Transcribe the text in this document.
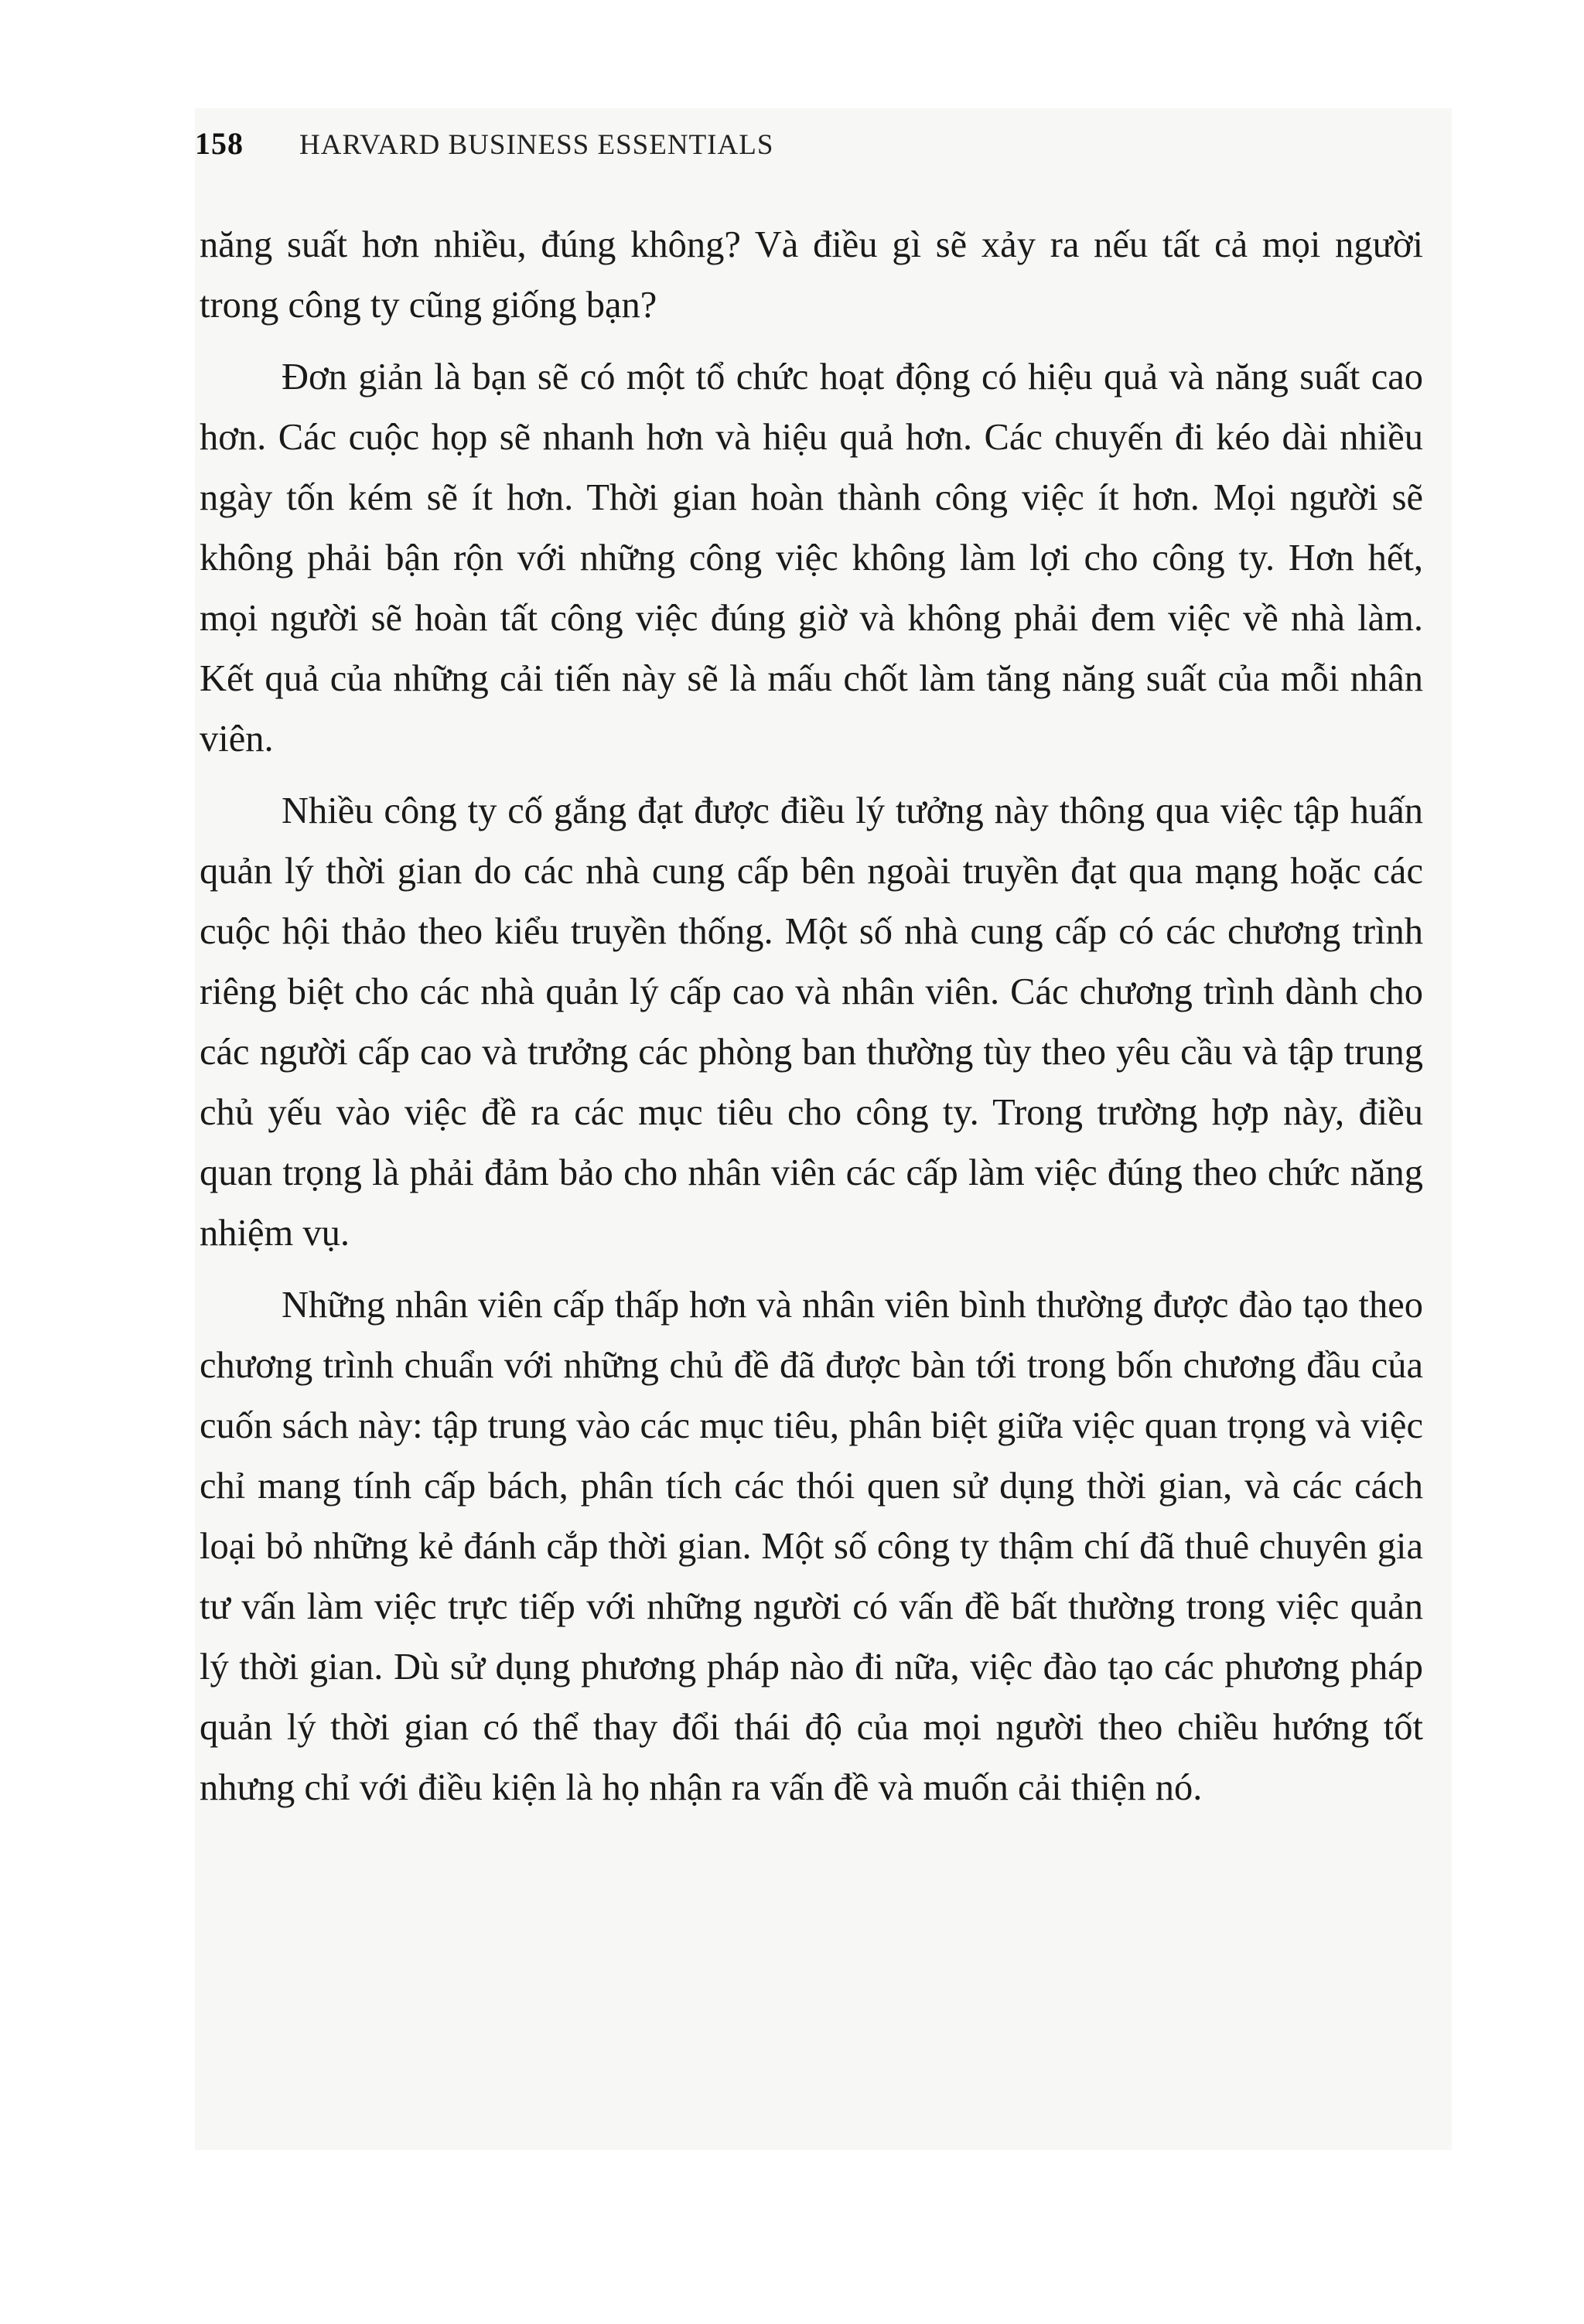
158 HARVARD BUSINESS ESSENTIALS

năng suất hơn nhiều, đúng không? Và điều gì sẽ xảy ra nếu tất cả mọi người trong công ty cũng giống bạn?

Đơn giản là bạn sẽ có một tổ chức hoạt động có hiệu quả và năng suất cao hơn. Các cuộc họp sẽ nhanh hơn và hiệu quả hơn. Các chuyến đi kéo dài nhiều ngày tốn kém sẽ ít hơn. Thời gian hoàn thành công việc ít hơn. Mọi người sẽ không phải bận rộn với những công việc không làm lợi cho công ty. Hơn hết, mọi người sẽ hoàn tất công việc đúng giờ và không phải đem việc về nhà làm. Kết quả của những cải tiến này sẽ là mấu chốt làm tăng năng suất của mỗi nhân viên.

Nhiều công ty cố gắng đạt được điều lý tưởng này thông qua việc tập huấn quản lý thời gian do các nhà cung cấp bên ngoài truyền đạt qua mạng hoặc các cuộc hội thảo theo kiểu truyền thống. Một số nhà cung cấp có các chương trình riêng biệt cho các nhà quản lý cấp cao và nhân viên. Các chương trình dành cho các người cấp cao và trưởng các phòng ban thường tùy theo yêu cầu và tập trung chủ yếu vào việc đề ra các mục tiêu cho công ty. Trong trường hợp này, điều quan trọng là phải đảm bảo cho nhân viên các cấp làm việc đúng theo chức năng nhiệm vụ.

Những nhân viên cấp thấp hơn và nhân viên bình thường được đào tạo theo chương trình chuẩn với những chủ đề đã được bàn tới trong bốn chương đầu của cuốn sách này: tập trung vào các mục tiêu, phân biệt giữa việc quan trọng và việc chỉ mang tính cấp bách, phân tích các thói quen sử dụng thời gian, và các cách loại bỏ những kẻ đánh cắp thời gian. Một số công ty thậm chí đã thuê chuyên gia tư vấn làm việc trực tiếp với những người có vấn đề bất thường trong việc quản lý thời gian. Dù sử dụng phương pháp nào đi nữa, việc đào tạo các phương pháp quản lý thời gian có thể thay đổi thái độ của mọi người theo chiều hướng tốt nhưng chỉ với điều kiện là họ nhận ra vấn đề và muốn cải thiện nó.
